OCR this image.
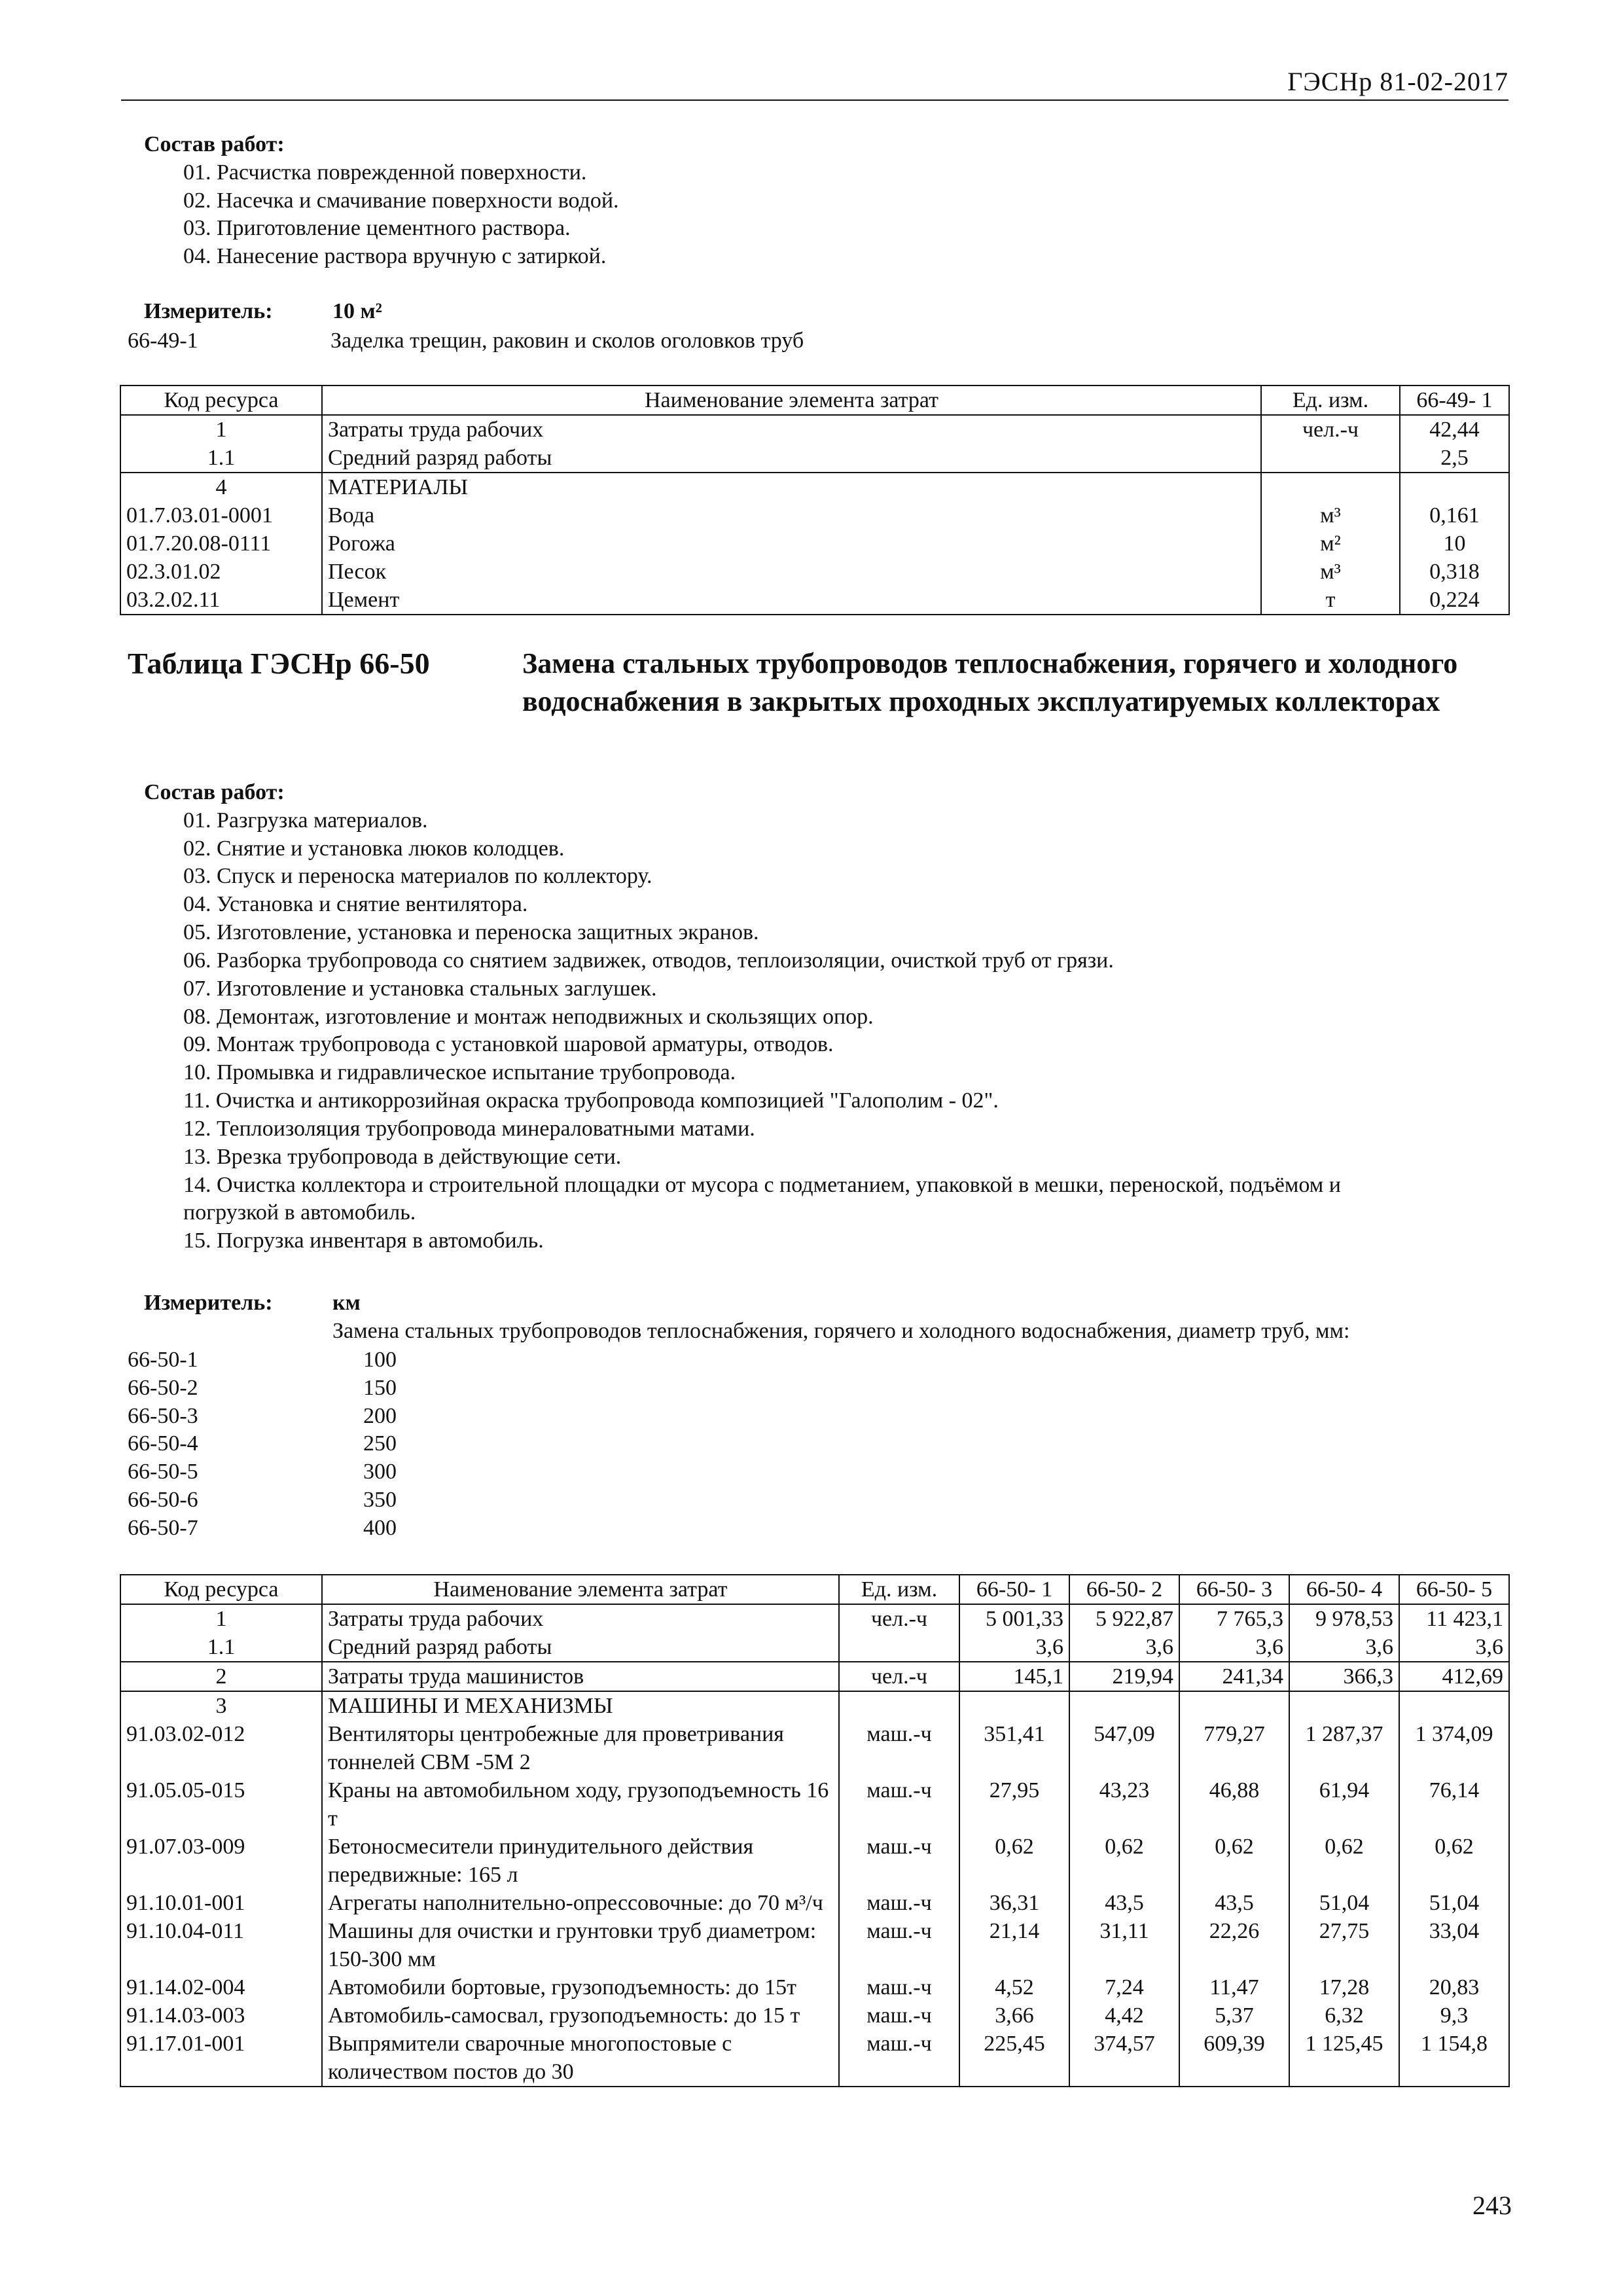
ГЭСНр 81-02-2017
Состав работ:
01. Расчистка поврежденной поверхности.
02. Насечка и смачивание поверхности водой.
03. Приготовление цементного раствора.
04. Нанесение раствора вручную с затиркой.
Измеритель:	10 м²
66-49-1	Заделка трещин, раковин и сколов оголовков труб
Код ресурса	Наименование элемента затрат	Ед. изм.	66-49- 1
1	Затраты труда рабочих	чел.-ч	42,44
1.1	Средний разряд работы		2,5
4	МАТЕРИАЛЫ		
01.7.03.01-0001	Вода	м³	0,161
01.7.20.08-0111	Рогожа	м²	10
02.3.01.02	Песок	м³	0,318
03.2.02.11	Цемент	т	0,224
Таблица ГЭСНр 66-50	Замена стальных трубопроводов теплоснабжения, горячего и холодного водоснабжения в закрытых проходных эксплуатируемых коллекторах
Состав работ:
01. Разгрузка материалов.
02. Снятие и установка люков колодцев.
03. Спуск и переноска материалов по коллектору.
04. Установка и снятие вентилятора.
05. Изготовление, установка и переноска защитных экранов.
06. Разборка трубопровода со снятием задвижек, отводов, теплоизоляции, очисткой труб от грязи.
07. Изготовление и установка стальных заглушек.
08. Демонтаж, изготовление и монтаж неподвижных и скользящих опор.
09. Монтаж трубопровода с установкой шаровой арматуры, отводов.
10. Промывка и гидравлическое испытание трубопровода.
11. Очистка и антикоррозийная окраска трубопровода композицией "Галополим - 02".
12. Теплоизоляция трубопровода минераловатными матами.
13. Врезка трубопровода в действующие сети.
14. Очистка коллектора и строительной площадки от мусора с подметанием, упаковкой в мешки, переноской, подъёмом и погрузкой в автомобиль.
15. Погрузка инвентаря в автомобиль.
Измеритель:	км
Замена стальных трубопроводов теплоснабжения, горячего и холодного водоснабжения, диаметр труб, мм:
66-50-1	100
66-50-2	150
66-50-3	200
66-50-4	250
66-50-5	300
66-50-6	350
66-50-7	400
Код ресурса	Наименование элемента затрат	Ед. изм.	66-50- 1	66-50- 2	66-50- 3	66-50- 4	66-50- 5
1	Затраты труда рабочих	чел.-ч	5 001,33	5 922,87	7 765,3	9 978,53	11 423,1
1.1	Средний разряд работы		3,6	3,6	3,6	3,6	3,6
2	Затраты труда машинистов	чел.-ч	145,1	219,94	241,34	366,3	412,69
3	МАШИНЫ И МЕХАНИЗМЫ						
91.03.02-012	Вентиляторы центробежные для проветривания тоннелей СВМ -5М 2	маш.-ч	351,41	547,09	779,27	1 287,37	1 374,09
91.05.05-015	Краны на автомобильном ходу, грузоподъемность 16 т	маш.-ч	27,95	43,23	46,88	61,94	76,14
91.07.03-009	Бетоносмесители принудительного действия передвижные: 165 л	маш.-ч	0,62	0,62	0,62	0,62	0,62
91.10.01-001	Агрегаты наполнительно-опрессовочные: до 70 м³/ч	маш.-ч	36,31	43,5	43,5	51,04	51,04
91.10.04-011	Машины для очистки и грунтовки труб диаметром: 150-300 мм	маш.-ч	21,14	31,11	22,26	27,75	33,04
91.14.02-004	Автомобили бортовые, грузоподъемность: до 15т	маш.-ч	4,52	7,24	11,47	17,28	20,83
91.14.03-003	Автомобиль-самосвал, грузоподъемность: до 15 т	маш.-ч	3,66	4,42	5,37	6,32	9,3
91.17.01-001	Выпрямители сварочные многопостовые с количеством постов до 30	маш.-ч	225,45	374,57	609,39	1 125,45	1 154,8
243
